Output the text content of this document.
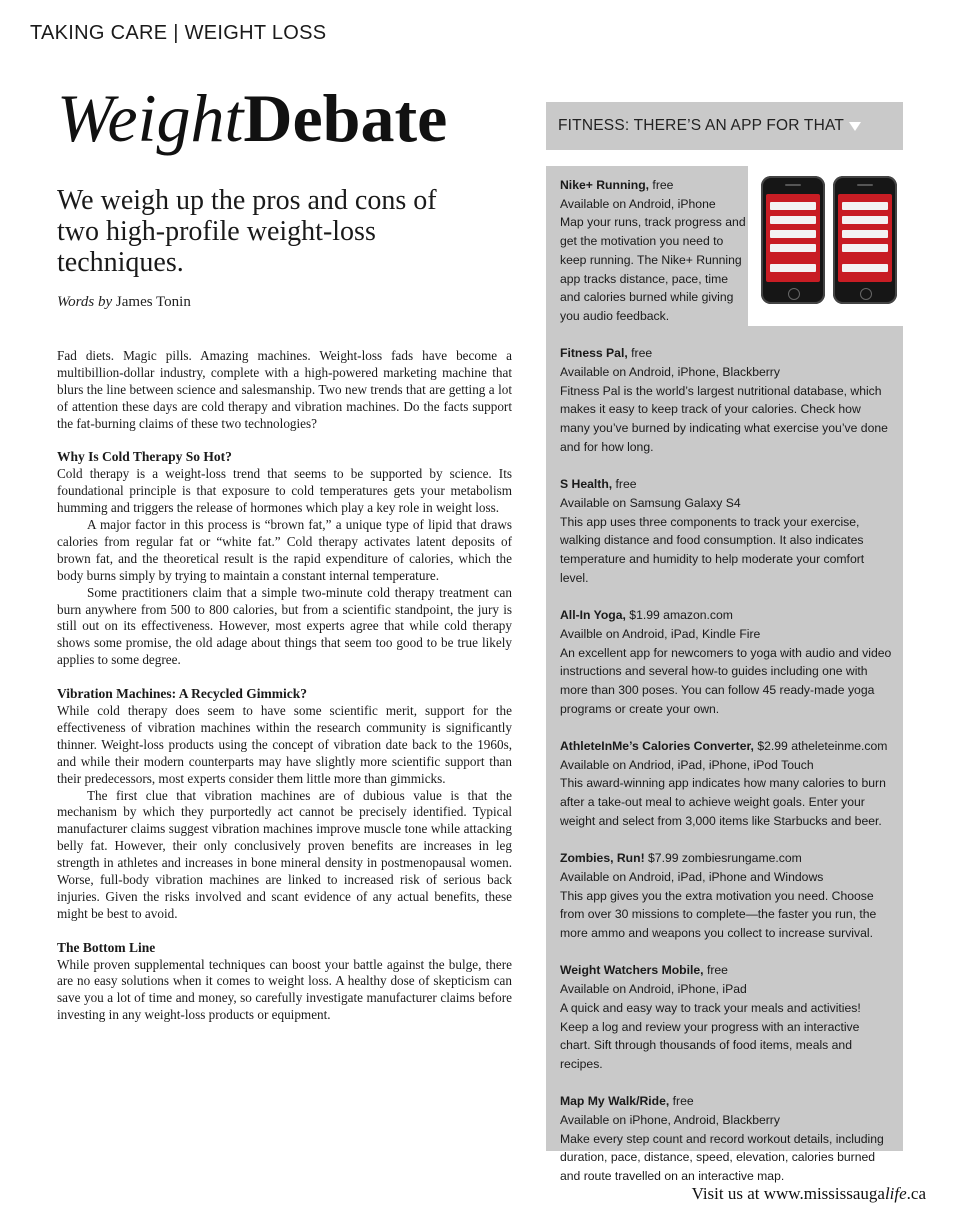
TAKING CARE | WEIGHT LOSS
WeightDebate
We weigh up the pros and cons of two high-profile weight-loss techniques.
Words by James Tonin

Fad diets. Magic pills. Amazing machines. Weight-loss fads have become a multibillion-dollar industry, complete with a high-powered marketing machine that blurs the line between science and salesmanship. Two new trends that are getting a lot of attention these days are cold therapy and vibration machines. Do the facts support the fat-burning claims of these two technologies?

Why Is Cold Therapy So Hot?

Cold therapy is a weight-loss trend that seems to be supported by science. Its foundational principle is that exposure to cold temperatures gets your metabolism humming and triggers the release of hormones which play a key role in weight loss.

A major factor in this process is “brown fat,” a unique type of lipid that draws calories from regular fat or “white fat.” Cold therapy activates latent deposits of brown fat, and the theoretical result is the rapid expenditure of calories, which the body burns simply by trying to maintain a constant internal temperature.

Some practitioners claim that a simple two-minute cold therapy treatment can burn anywhere from 500 to 800 calories, but from a scientific standpoint, the jury is still out on its effectiveness. However, most experts agree that while cold therapy shows some promise, the old adage about things that seem too good to be true likely applies to some degree.

Vibration Machines: A Recycled Gimmick?

While cold therapy does seem to have some scientific merit, support for the effectiveness of vibration machines within the research community is significantly thinner. Weight-loss products using the concept of vibration date back to the 1960s, and while their modern counterparts may have slightly more scientific support than their predecessors, most experts consider them little more than gimmicks.

The first clue that vibration machines are of dubious value is that the mechanism by which they purportedly act cannot be precisely identified. Typical manufacturer claims suggest vibration machines improve muscle tone while attacking belly fat. However, their only conclusively proven benefits are increases in leg strength in athletes and increases in bone mineral density in postmenopausal women. Worse, full-body vibration machines are linked to increased risk of serious back injuries. Given the risks involved and scant evidence of any actual benefits, these might be best to avoid.

The Bottom Line

While proven supplemental techniques can boost your battle against the bulge, there are no easy solutions when it comes to weight loss. A healthy dose of skepticism can save you a lot of time and money, so carefully investigate manufacturer claims before investing in any weight-loss products or equipment.

FITNESS: THERE’S AN APP FOR THAT
Nike+ Running, free
Available on Android, iPhone
Map your runs, track progress and get the motivation you need to keep running. The Nike+ Running app tracks distance, pace, time and calories burned while giving you audio feedback.
Fitness Pal, free
Available on Android, iPhone, Blackberry
Fitness Pal is the world’s largest nutritional database, which makes it easy to keep track of your calories. Check how many you’ve burned by indicating what exercise you’ve done and for how long.
S Health, free
Available on Samsung Galaxy S4
This app uses three components to track your exercise, walking distance and food consumption. It also indicates temperature and humidity to help moderate your comfort level.
All-In Yoga, $1.99 amazon.com
Availble on Android, iPad, Kindle Fire
An excellent app for newcomers to yoga with audio and video instructions and several how-to guides including one with more than 300 poses. You can follow 45 ready-made yoga programs or create your own.
AthleteInMe’s Calories Converter, $2.99 atheleteinme.com
Available on Andriod, iPad, iPhone, iPod Touch
This award-winning app indicates how many calories to burn after a take-out meal to achieve weight goals. Enter your weight and select from 3,000 items like Starbucks and beer.
Zombies, Run! $7.99 zombiesrungame.com
Available on Android, iPad, iPhone and Windows
This app gives you the extra motivation you need. Choose from over 30 missions to complete—the faster you run, the more ammo and weapons you collect to increase survival.
Weight Watchers Mobile, free
Available on Android, iPhone, iPad
A quick and easy way to track your meals and activities! Keep a log and review your progress with an interactive chart. Sift through thousands of food items, meals and recipes.
Map My Walk/Ride, free
Available on iPhone, Android, Blackberry
Make every step count and record workout details, including duration, pace, distance, speed, elevation, calories burned and route travelled on an interactive map.
Visit us at www.mississaugalife.ca
